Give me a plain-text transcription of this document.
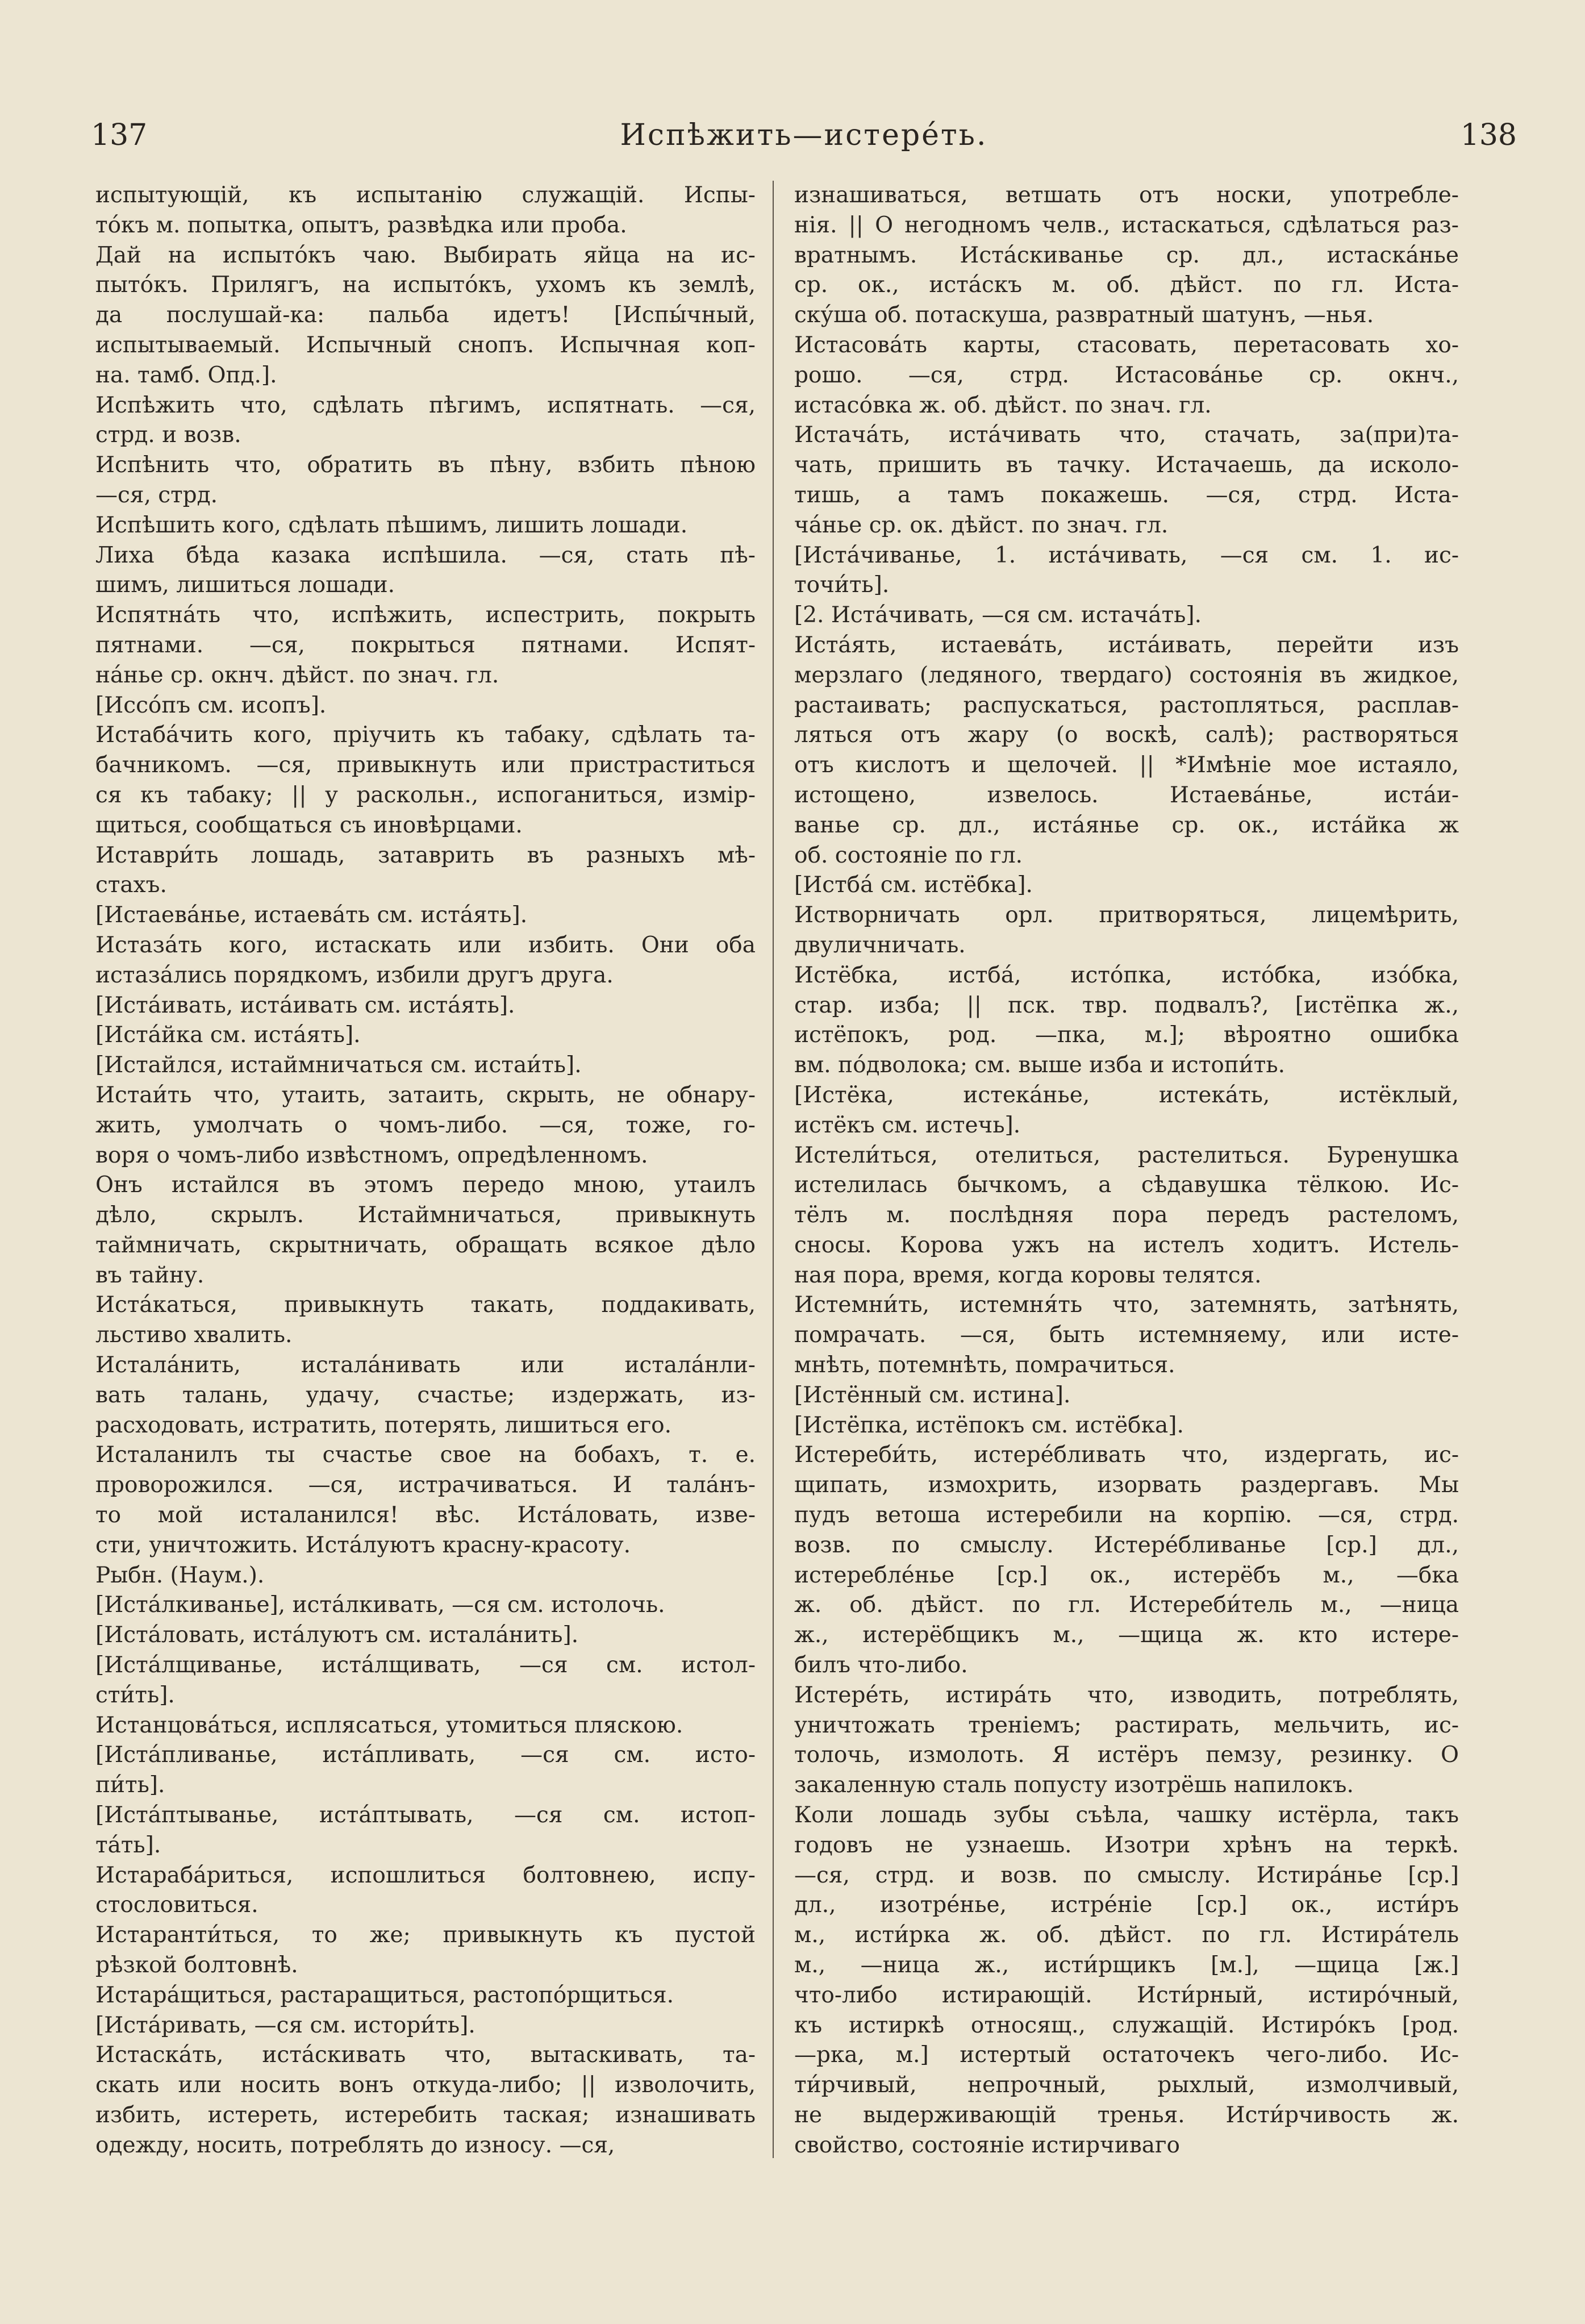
137	Испѣжить—истере́ть.	138
испытующій, къ испытанію служащій. Испы-
то́къ м. попытка, опытъ, развѣдка или проба.
Дай на испыто́къ чаю. Выбирать яйца на ис-
пыто́къ. Прилягъ, на испыто́къ, ухомъ къ землѣ,
да послушай-ка: пальба идетъ! [Испы́чный,
испытываемый. Испычный снопъ. Испычная коп-
на. тамб. Опд.].
Испѣжить что, сдѣлать пѣгимъ, испятнать. —ся,
стрд. и возв.
Испѣнить что, обратить въ пѣну, взбить пѣною
—ся, стрд.
Испѣшить кого, сдѣлать пѣшимъ, лишить лошади.
Лиха бѣда казака испѣшила. —ся, стать пѣ-
шимъ, лишиться лошади.
Испятна́ть что, испѣжить, испестрить, покрыть
пятнами. —ся, покрыться пятнами. Испят-
на́нье ср. окнч. дѣйст. по знач. гл.
[Иссо́пъ см. исопъ].
Истаба́чить кого, пріучить къ табаку, сдѣлать та-
бачникомъ. —ся, привыкнуть или пристраститься
ся къ табаку; || у раскольн., испоганиться, измір-
щиться, сообщаться съ иновѣрцами.
Иставри́ть лошадь, затаврить въ разныхъ мѣ-
стахъ.
[Истаева́нье, истаева́ть см. иста́ять].
Истаза́ть кого, истаскать или избить. Они оба
истаза́лись порядкомъ, избили другъ друга.
[Иста́ивать, иста́ивать см. иста́ять].
[Иста́йка см. иста́ять].
[Истайлся, истаймничаться см. истаи́ть].
Истаи́ть что, утаить, затаить, скрыть, не обнару-
жить, умолчать о чомъ-либо. —ся, тоже, го-
воря о чомъ-либо извѣстномъ, опредѣленномъ.
Онъ истайлся въ этомъ передо мною, утаилъ
дѣло, скрылъ. Истаймничаться, привыкнуть
таймничать, скрытничать, обращать всякое дѣло
въ тайну.
Иста́каться, привыкнуть такать, поддакивать,
льстиво хвалить.
Истала́нить, истала́нивать или истала́нли-
вать талань, удачу, счастье; издержать, из-
расходовать, истратить, потерять, лишиться его.
Исталанилъ ты счастье свое на бобахъ, т. е.
проворожился. —ся, истрачиваться. И тала́нъ-
то мой исталанился! вѣс. Иста́ловать, изве-
сти, уничтожить. Иста́луютъ красну-красоту.
Рыбн. (Наум.).
[Иста́лкиванье], иста́лкивать, —ся см. истолочь.
[Иста́ловать, иста́луютъ см. истала́нить].
[Иста́лщиванье, иста́лщивать, —ся см. истол-
сти́ть].
Истанцова́ться, исплясаться, утомиться пляскою.
[Иста́пливанье, иста́пливать, —ся см. исто-
пи́ть].
[Иста́птыванье, иста́птывать, —ся см. истоп-
та́ть].
Истараба́риться, испошлиться болтовнею, испу-
стословиться.
Истаранти́ться, то же; привыкнуть къ пустой
рѣзкой болтовнѣ.
Истара́щиться, растаращиться, растопо́рщиться.
[Иста́ривать, —ся см. истори́ть].
Истаска́ть, иста́скивать что, вытаскивать, та-
скать или носить вонъ откуда-либо; || изволочить,
избить, истереть, истеребить таская; изнашивать
одежду, носить, потреблять до износу. —ся,
изнашиваться, ветшать отъ носки, употребле-
нія. || О негодномъ челв., истаскаться, сдѣлаться раз-
вратнымъ. Иста́скиванье ср. дл., истаска́нье
ср. ок., иста́скъ м. об. дѣйст. по гл. Иста-
ску́ша об. потаскуша, развратный шатунъ, —нья.
Истасова́ть карты, стасовать, перетасовать хо-
рошо. —ся, стрд. Истасова́нье ср. окнч.,
истасо́вка ж. об. дѣйст. по знач. гл.
Истача́ть, иста́чивать что, стачать, за(при)та-
чать, пришить въ тачку. Истачаешь, да исколо-
тишь, а тамъ покажешь. —ся, стрд. Иста-
ча́нье ср. ок. дѣйст. по знач. гл.
[Иста́чиванье, 1. иста́чивать, —ся см. 1. ис-
точи́ть].
[2. Иста́чивать, —ся см. истача́ть].
Иста́ять, истаева́ть, иста́ивать, перейти изъ
мерзлаго (ледяного, твердаго) состоянія въ жидкое,
растаивать; распускаться, растопляться, расплав-
ляться отъ жару (о воскѣ, салѣ); растворяться
отъ кислотъ и щелочей. || *Имѣніе мое истаяло,
истощено, извелось. Истаева́нье, иста́и-
ванье ср. дл., иста́янье ср. ок., иста́йка ж
об. состояніе по гл.
[Истба́ см. истёбка].
Истворничать орл. притворяться, лицемѣрить,
двуличничать.
Истёбка, истба́, исто́пка, исто́бка, изо́бка,
стар. изба; || пск. твр. подвалъ?, [истёпка ж.,
истёпокъ, род. —пка, м.]; вѣроятно ошибка
вм. по́дволока; см. выше изба и истопи́ть.
[Истёка, истека́нье, истека́ть, истёклый,
истёкъ см. истечь].
Истели́ться, отелиться, растелиться. Буренушка
истелилась бычкомъ, а сѣдавушка тёлкою. Ис-
тёлъ м. послѣдняя пора передъ растеломъ,
сносы. Корова ужъ на истелъ ходитъ. Истель-
ная пора, время, когда коровы телятся.
Истемни́ть, истемня́ть что, затемнять, затѣнять,
помрачать. —ся, быть истемняему, или исте-
мнѣть, потемнѣть, помрачиться.
[Истённый см. истина].
[Истёпка, истёпокъ см. истёбка].
Истереби́ть, истере́бливать что, издергать, ис-
щипать, измохрить, изорвать раздергавъ. Мы
пудъ ветоша истеребили на корпію. —ся, стрд.
возв. по смыслу. Истере́бливанье [ср.] дл.,
истеребле́нье [ср.] ок., истерёбъ м., —бка
ж. об. дѣйст. по гл. Истереби́тель м., —ница
ж., истерёбщикъ м., —щица ж. кто истере-
билъ что-либо.
Истере́ть, истира́ть что, изводить, потреблять,
уничтожать треніемъ; растирать, мельчить, ис-
толочь, измолоть. Я истёръ пемзу, резинку. О
закаленную сталь попусту изотрёшь напилокъ.
Коли лошадь зубы съѣла, чашку истёрла, такъ
годовъ не узнаешь. Изотри хрѣнъ на теркѣ.
—ся, стрд. и возв. по смыслу. Истира́нье [ср.]
дл., изотре́нье, истре́ніе [ср.] ок., исти́ръ
м., исти́рка ж. об. дѣйст. по гл. Истира́тель
м., —ница ж., исти́рщикъ [м.], —щица [ж.]
что-либо истирающій. Исти́рный, истиро́чный,
къ истиркѣ относящ., служащій. Истиро́къ [род.
—рка, м.] истертый остаточекъ чего-либо. Ис-
ти́рчивый, непрочный, рыхлый, измолчивый,
не выдерживающій тренья. Исти́рчивость ж.
свойство, состояніе истирчиваго
